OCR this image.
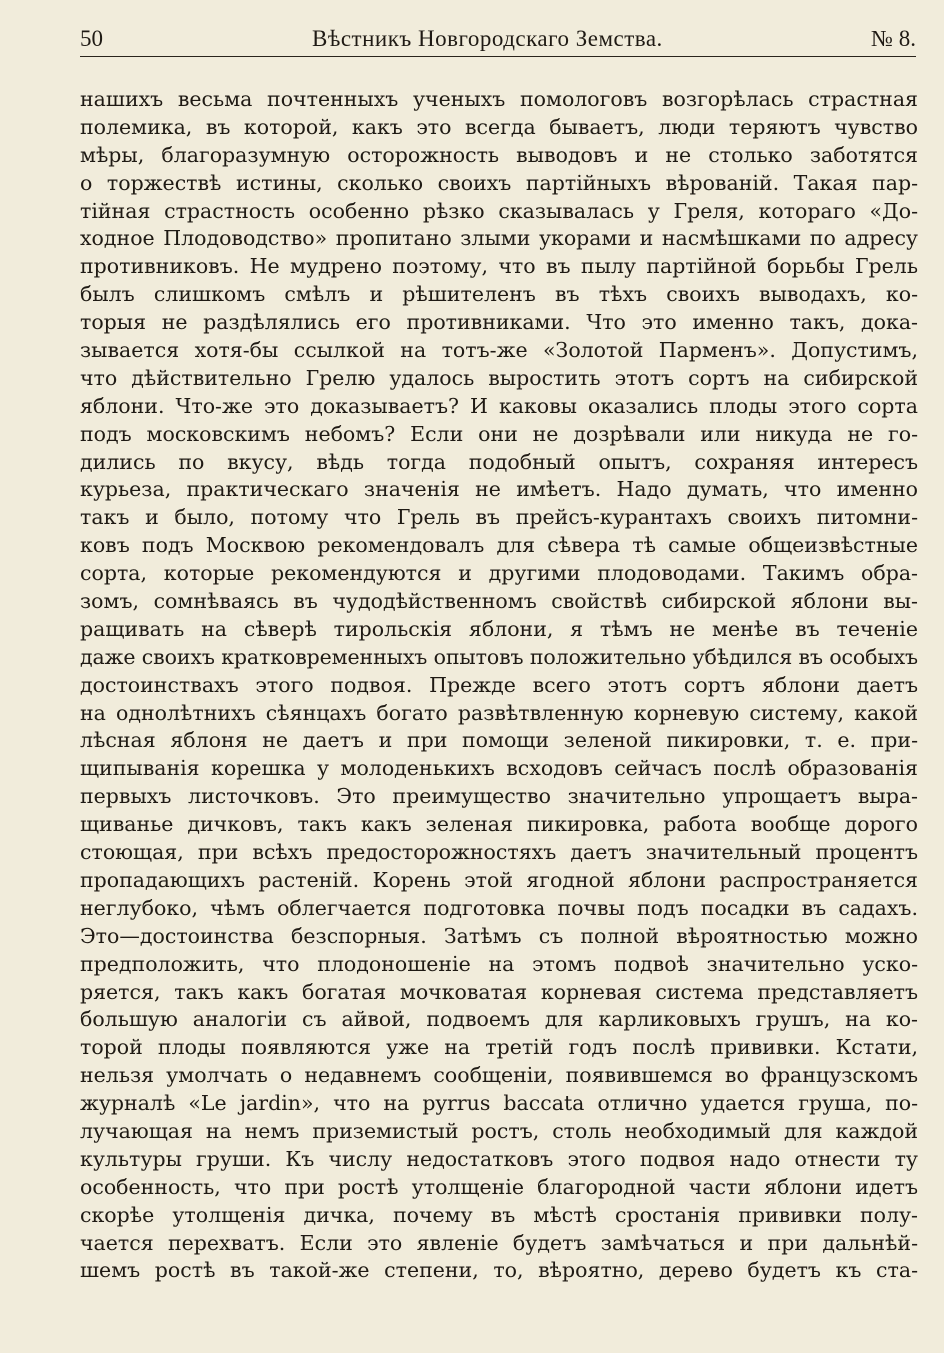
50	Вѣстникъ Новгородскаго Земства.	№ 8.
нашихъ весьма почтенныхъ ученыхъ помологовъ возгорѣлась страстная
полемика, въ которой, какъ это всегда бываетъ, люди теряютъ чувство
мѣры, благоразумную осторожность выводовъ и не столько заботятся
о торжествѣ истины, сколько своихъ партійныхъ вѣрованій. Такая пар-
тійная страстность особенно рѣзко сказывалась у Греля, котораго «До-
ходное Плодоводство» пропитано злыми укорами и насмѣшками по адресу
противниковъ. Не мудрено поэтому, что въ пылу партійной борьбы Грель
былъ слишкомъ смѣлъ и рѣшителенъ въ тѣхъ своихъ выводахъ, ко-
торыя не раздѣлялись его противниками. Что это именно такъ, дока-
зывается хотя-бы ссылкой на тотъ-же «Золотой Парменъ». Допустимъ,
что дѣйствительно Грелю удалось выростить этотъ сортъ на сибирской
яблони. Что-же это доказываетъ? И каковы оказались плоды этого сорта
подъ московскимъ небомъ? Если они не дозрѣвали или никуда не го-
дились по вкусу, вѣдь тогда подобный опытъ, сохраняя интересъ
курьеза, практическаго значенія не имѣетъ. Надо думать, что именно
такъ и было, потому что Грель въ прейсъ-курантахъ своихъ питомни-
ковъ подъ Москвою рекомендовалъ для сѣвера тѣ самые общеизвѣстные
сорта, которые рекомендуются и другими плодоводами. Такимъ обра-
зомъ, сомнѣваясь въ чудодѣйственномъ свойствѣ сибирской яблони вы-
ращивать на сѣверѣ тирольскія яблони, я тѣмъ не менѣе въ теченіе
даже своихъ кратковременныхъ опытовъ положительно убѣдился въ особыхъ
достоинствахъ этого подвоя. Прежде всего этотъ сортъ яблони даетъ
на однолѣтнихъ сѣянцахъ богато развѣтвленную корневую систему, какой
лѣсная яблоня не даетъ и при помощи зеленой пикировки, т. е. при-
щипыванія корешка у молоденькихъ всходовъ сейчасъ послѣ образованія
первыхъ листочковъ. Это преимущество значительно упрощаетъ выра-
щиванье дичковъ, такъ какъ зеленая пикировка, работа вообще дорого
стоющая, при всѣхъ предосторожностяхъ даетъ значительный процентъ
пропадающихъ растеній. Корень этой ягодной яблони распространяется
неглубоко, чѣмъ облегчается подготовка почвы подъ посадки въ садахъ.
Это—достоинства безспорныя. Затѣмъ съ полной вѣроятностью можно
предположить, что плодоношеніе на этомъ подвоѣ значительно уско-
ряется, такъ какъ богатая мочковатая корневая система представляетъ
большую аналогіи съ айвой, подвоемъ для карликовыхъ грушъ, на ко-
торой плоды появляются уже на третій годъ послѣ прививки. Кстати,
нельзя умолчать о недавнемъ сообщеніи, появившемся во французскомъ
журналѣ «Le jardin», что на pyrrus baccata отлично удается груша, по-
лучающая на немъ приземистый ростъ, столь необходимый для каждой
культуры груши. Къ числу недостатковъ этого подвоя надо отнести ту
особенность, что при ростѣ утолщеніе благородной части яблони идетъ
скорѣе утолщенія дичка, почему въ мѣстѣ сростанія прививки полу-
чается перехватъ. Если это явленіе будетъ замѣчаться и при дальнѣй-
шемъ ростѣ въ такой-же степени, то, вѣроятно, дерево будетъ къ ста-
